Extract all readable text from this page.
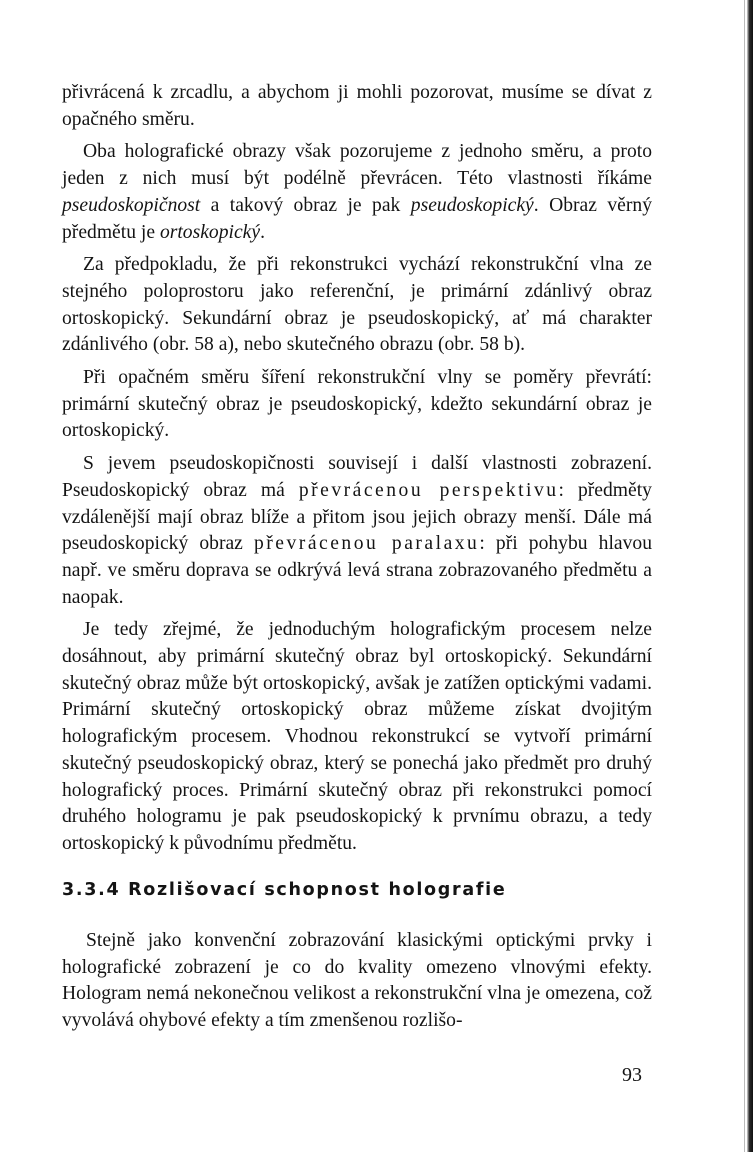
přivrácená k zrcadlu, a abychom ji mohli pozorovat, musíme se dívat z opačného směru.

Oba holografické obrazy však pozorujeme z jednoho směru, a proto jeden z nich musí být podélně převrácen. Této vlastnosti říkáme pseudoskopičnost a takový obraz je pak pseudoskopický. Obraz věrný předmětu je ortoskopický.

Za předpokladu, že při rekonstrukci vychází rekonstrukční vlna ze stejného poloprostoru jako referenční, je primární zdánlivý obraz ortoskopický. Sekundární obraz je pseudoskopický, ať má charakter zdánlivého (obr. 58 a), nebo skutečného obrazu (obr. 58 b).

Při opačném směru šíření rekonstrukční vlny se poměry převrátí: primární skutečný obraz je pseudoskopický, kdežto sekundární obraz je ortoskopický.

S jevem pseudoskopičnosti souvisejí i další vlastnosti zobrazení. Pseudoskopický obraz má převrácenou perspektivu: předměty vzdálenější mají obraz blíže a přitom jsou jejich obrazy menší. Dále má pseudoskopický obraz převrácenou paralaxu: při pohybu hlavou např. ve směru doprava se odkrývá levá strana zobrazovaného předmětu a naopak.

Je tedy zřejmé, že jednoduchým holografickým procesem nelze dosáhnout, aby primární skutečný obraz byl ortoskopický. Sekundární skutečný obraz může být ortoskopický, avšak je zatížen optickými vadami. Primární skutečný ortoskopický obraz můžeme získat dvojitým holografickým procesem. Vhodnou rekonstrukcí se vytvoří primární skutečný pseudoskopický obraz, který se ponechá jako předmět pro druhý holografický proces. Primární skutečný obraz při rekonstrukci pomocí druhého hologramu je pak pseudoskopický k prvnímu obrazu, a tedy ortoskopický k původnímu předmětu.

3.3.4 Rozlišovací schopnost holografie

Stejně jako konvenční zobrazování klasickými optickými prvky i holografické zobrazení je co do kvality omezeno vlnovými efekty. Hologram nemá nekonečnou velikost a rekonstrukční vlna je omezena, což vyvolává ohybové efekty a tím zmenšenou rozlišo-

93
